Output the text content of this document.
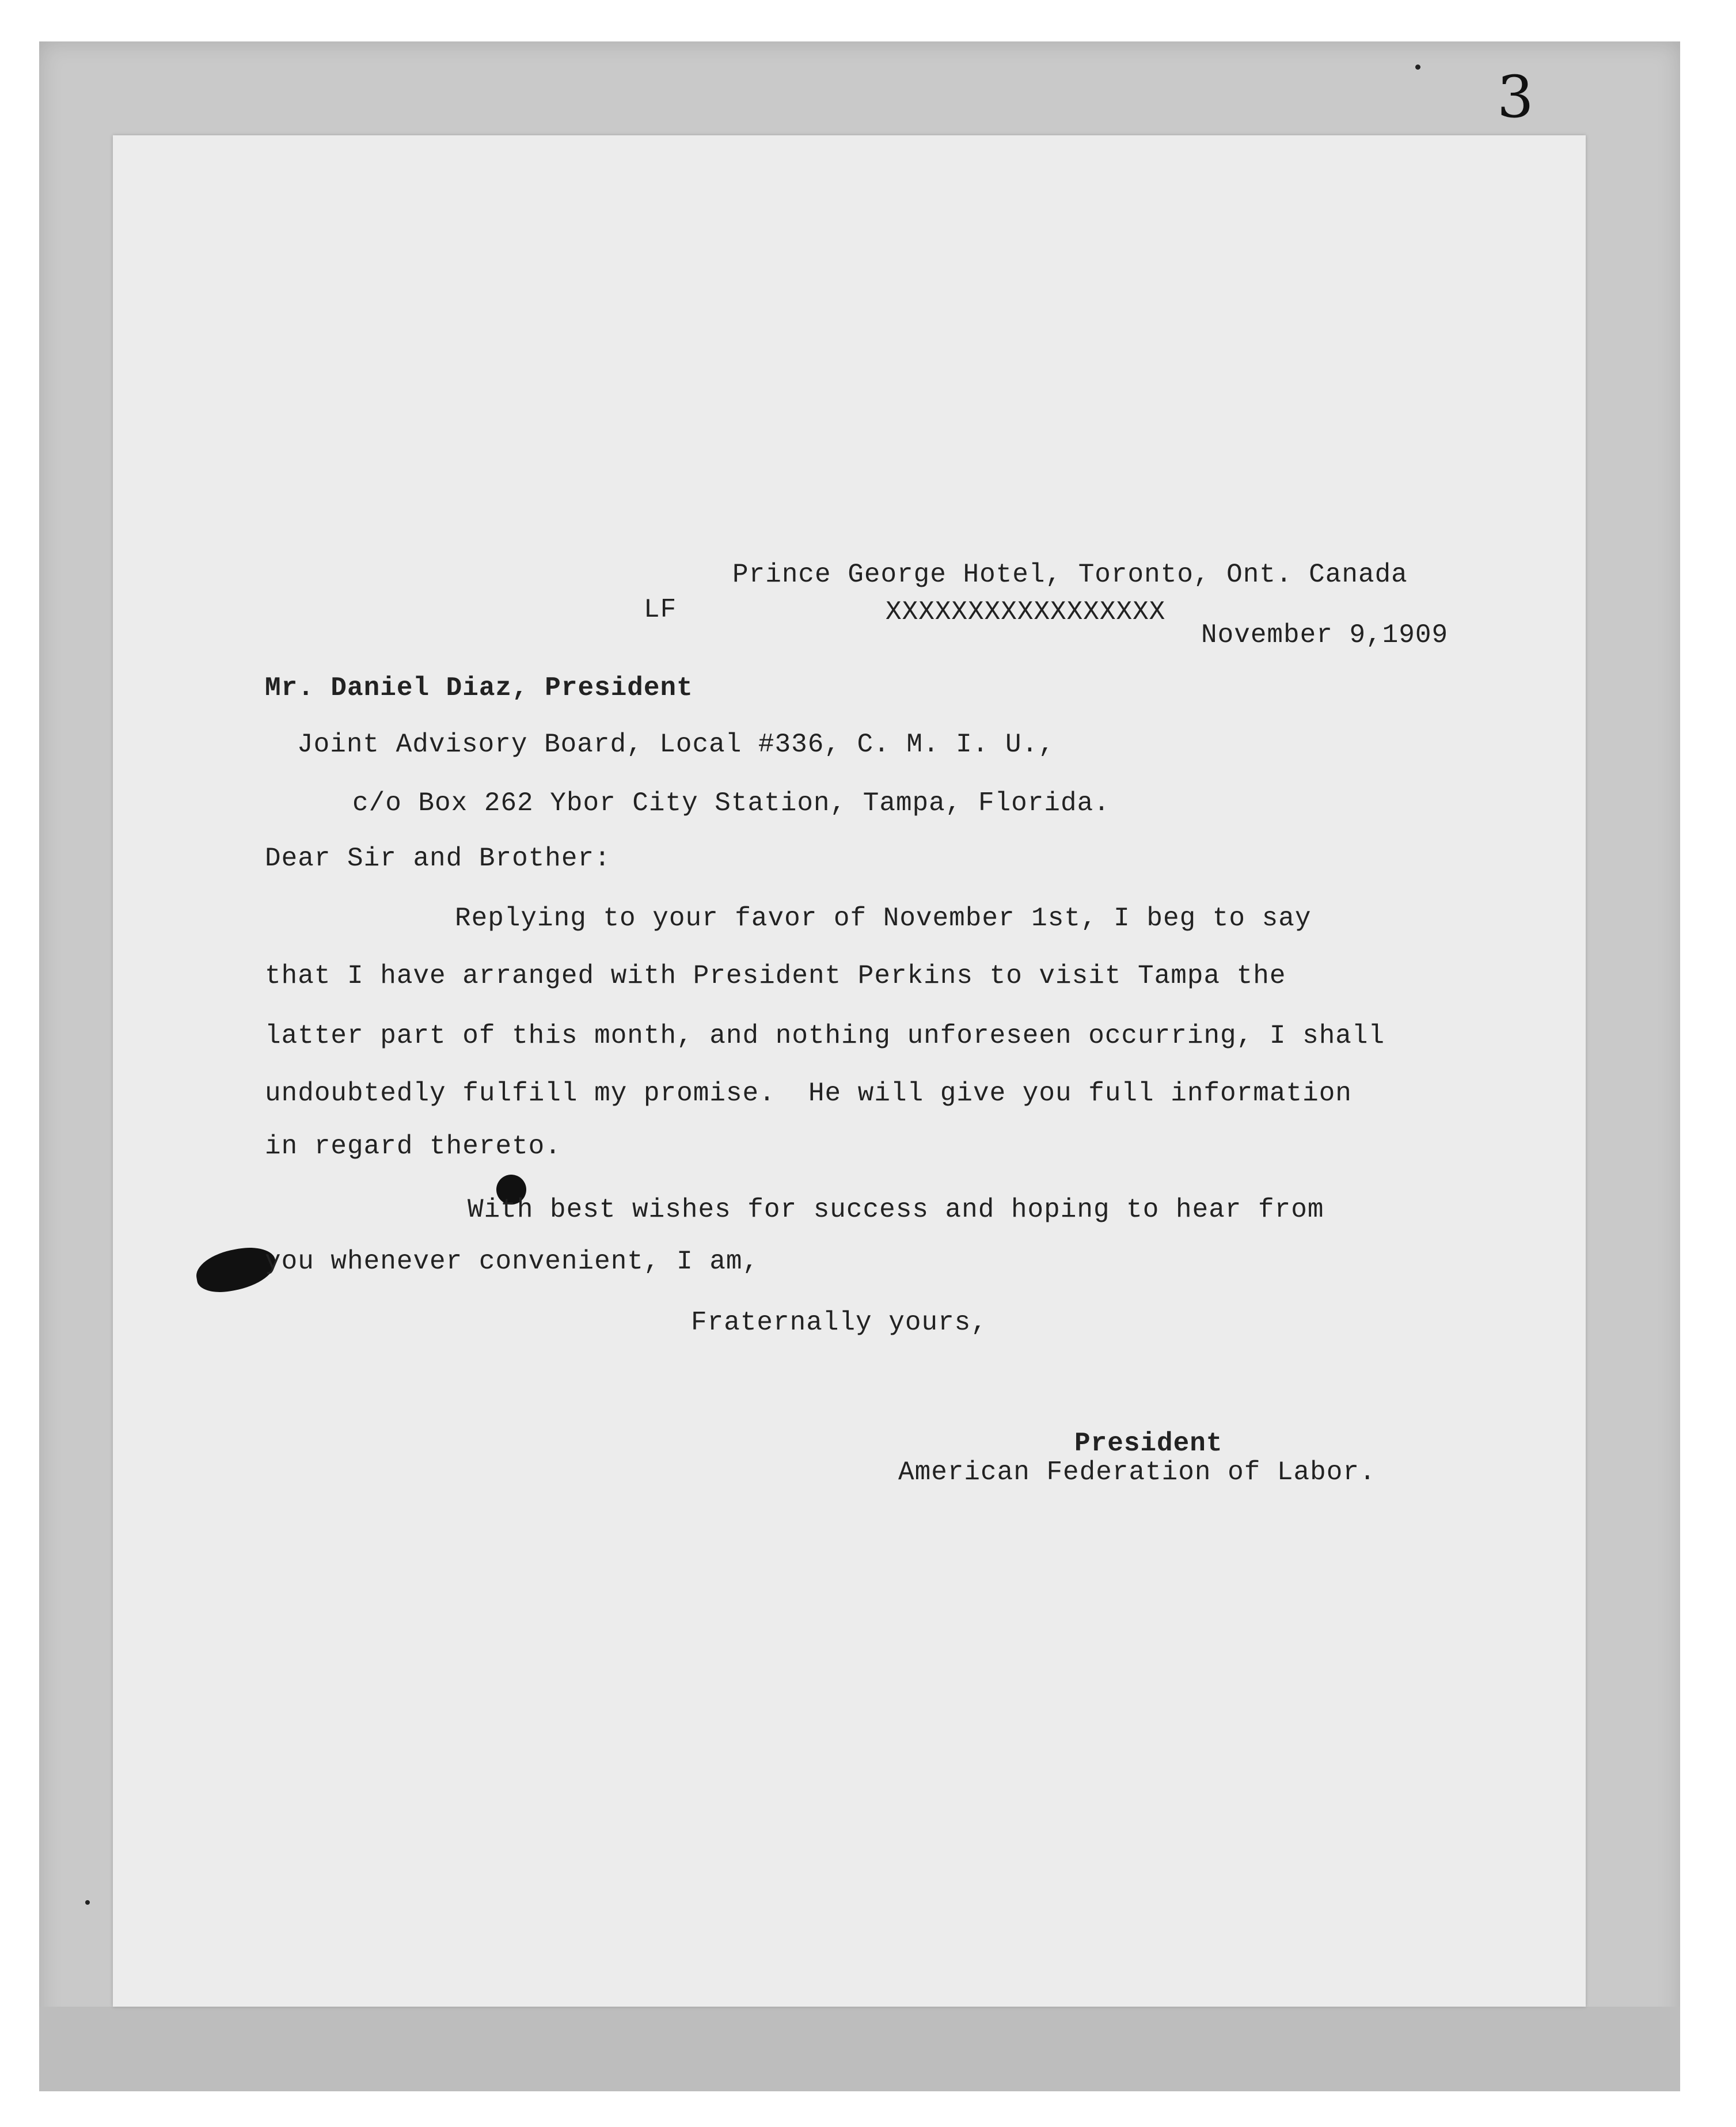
3
Prince George Hotel, Toronto, Ont. Canada
LF	XXXXXXXXXXXXXXXXX
November 9,1909
Mr. Daniel Diaz, President
Joint Advisory Board, Local #336, C. M. I. U.,
c/o Box 262 Ybor City Station, Tampa, Florida.
Dear Sir and Brother:
Replying to your favor of November 1st, I beg to say
that I have arranged with President Perkins to visit Tampa the
latter part of this month, and nothing unforeseen occurring, I shall
undoubtedly fulfill my promise.  He will give you full information
in regard thereto.
With best wishes for success and hoping to hear from
you whenever convenient, I am,
Fraternally yours,
President
American Federation of Labor.
